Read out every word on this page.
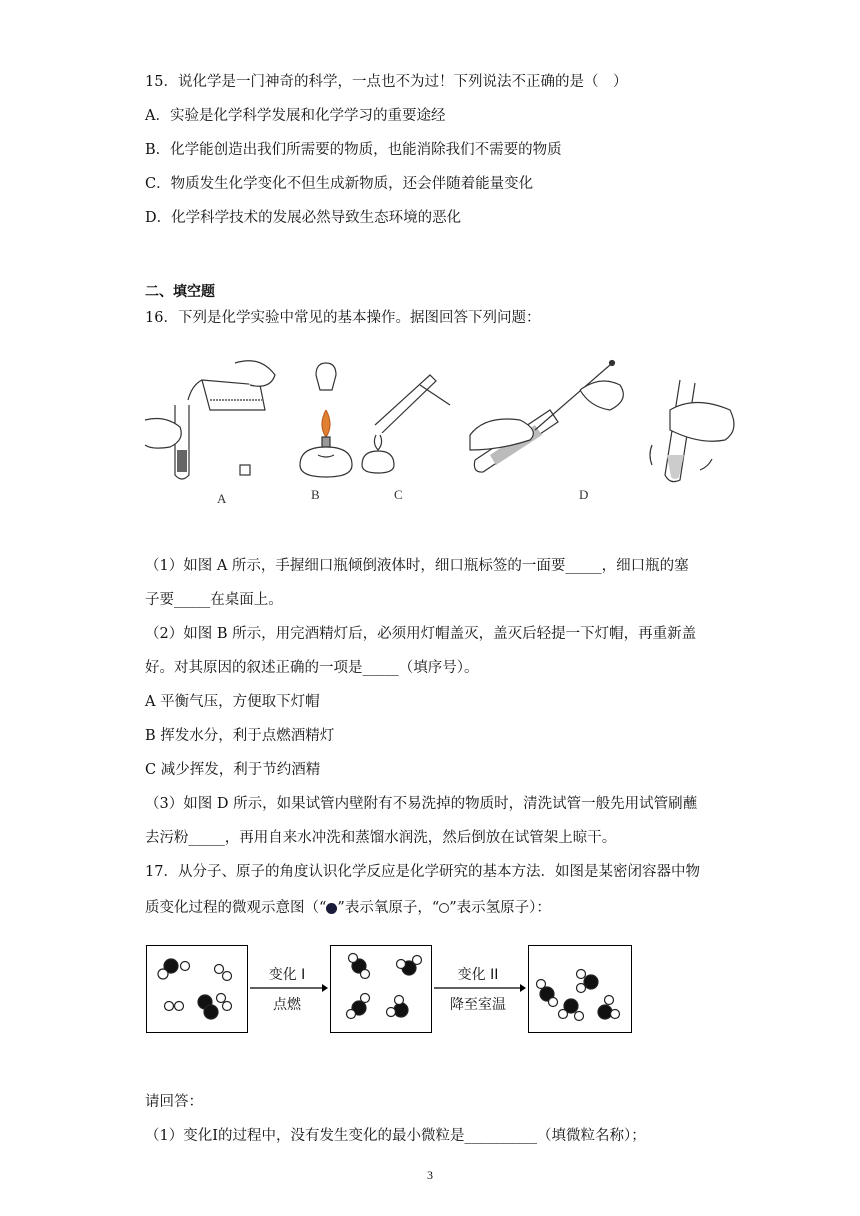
15．说化学是一门神奇的科学，一点也不为过！下列说法不正确的是（　）
A．实验是化学科学发展和化学学习的重要途经
B．化学能创造出我们所需要的物质，也能消除我们不需要的物质
C．物质发生化学变化不但生成新物质，还会伴随着能量变化
D．化学科学技术的发展必然导致生态环境的恶化
二、填空题
16．下列是化学实验中常见的基本操作。据图回答下列问题：
A	B	C	D
（1）如图 A 所示，手握细口瓶倾倒液体时，细口瓶标签的一面要_____，细口瓶的塞
子要_____在桌面上。
（2）如图 B 所示，用完酒精灯后，必须用灯帽盖灭，盖灭后轻提一下灯帽，再重新盖
好。对其原因的叙述正确的一项是_____（填序号）。
A 平衡气压，方便取下灯帽
B 挥发水分，利于点燃酒精灯
C 减少挥发，利于节约酒精
（3）如图 D 所示，如果试管内壁附有不易洗掉的物质时，清洗试管一般先用试管刷蘸
去污粉_____，再用自来水冲洗和蒸馏水润洗，然后倒放在试管架上晾干。
17．从分子、原子的角度认识化学反应是化学研究的基本方法．如图是某密闭容器中物
质变化过程的微观示意图（“ ”表示氧原子，“ ”表示氢原子）：
变化 I
点燃
变化 II
降至室温
请回答：
（1）变化I的过程中，没有发生变化的最小微粒是__________（填微粒名称）；
3
